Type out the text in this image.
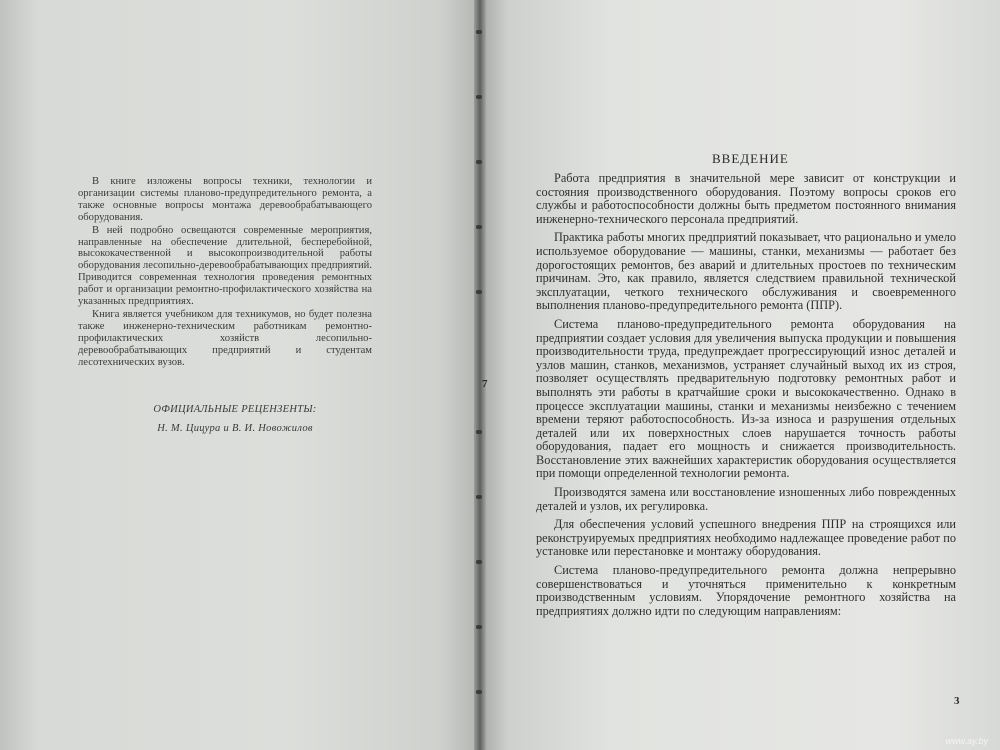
В книге изложены вопросы техники, технологии и организации системы планово-предупредительного ремонта, а также основные вопросы монтажа деревообрабатывающего оборудования.

В ней подробно освещаются современные мероприятия, направленные на обеспечение длительной, бесперебойной, высококачественной и высокопроизводительной работы оборудования лесопильно-деревообрабатывающих предприятий. Приводится современная технология проведения ремонтных работ и организации ремонтно-профилактического хозяйства на указанных предприятиях.

Книга является учебником для техникумов, но будет полезна также инженерно-техническим работникам ремонтно-профилактических хозяйств лесопильно-деревообрабатывающих предприятий и студентам лесотехнических вузов.

ОФИЦИАЛЬНЫЕ РЕЦЕНЗЕНТЫ:
Н. М. Цицура и В. И. Новожилов
7
ВВЕДЕНИЕ

Работа предприятия в значительной мере зависит от конструкции и состояния производственного оборудования. Поэтому вопросы сроков его службы и работоспособности должны быть предметом постоянного внимания инженерно-технического персонала предприятий.

Практика работы многих предприятий показывает, что рационально и умело используемое оборудование — машины, станки, механизмы — работает без дорогостоящих ремонтов, без аварий и длительных простоев по техническим причинам. Это, как правило, является следствием правильной технической эксплуатации, четкого технического обслуживания и своевременного выполнения планово-предупредительного ремонта (ППР).

Система планово-предупредительного ремонта оборудования на предприятии создает условия для увеличения выпуска продукции и повышения производительности труда, предупреждает прогрессирующий износ деталей и узлов машин, станков, механизмов, устраняет случайный выход их из строя, позволяет осуществлять предварительную подготовку ремонтных работ и выполнять эти работы в кратчайшие сроки и высококачественно. Однако в процессе эксплуатации машины, станки и механизмы неизбежно с течением времени теряют работоспособность. Из-за износа и разрушения отдельных деталей или их поверхностных слоев нарушается точность работы оборудования, падает его мощность и снижается производительность. Восстановление этих важнейших характеристик оборудования осуществляется при помощи определенной технологии ремонта.

Производятся замена или восстановление изношенных либо поврежденных деталей и узлов, их регулировка.

Для обеспечения условий успешного внедрения ППР на строящихся или реконструируемых предприятиях необходимо надлежащее проведение работ по установке или перестановке и монтажу оборудования.

Система планово-предупредительного ремонта должна непрерывно совершенствоваться и уточняться применительно к конкретным производственным условиям. Упорядочение ремонтного хозяйства на предприятиях должно идти по следующим направлениям:

3
www.ay.by
